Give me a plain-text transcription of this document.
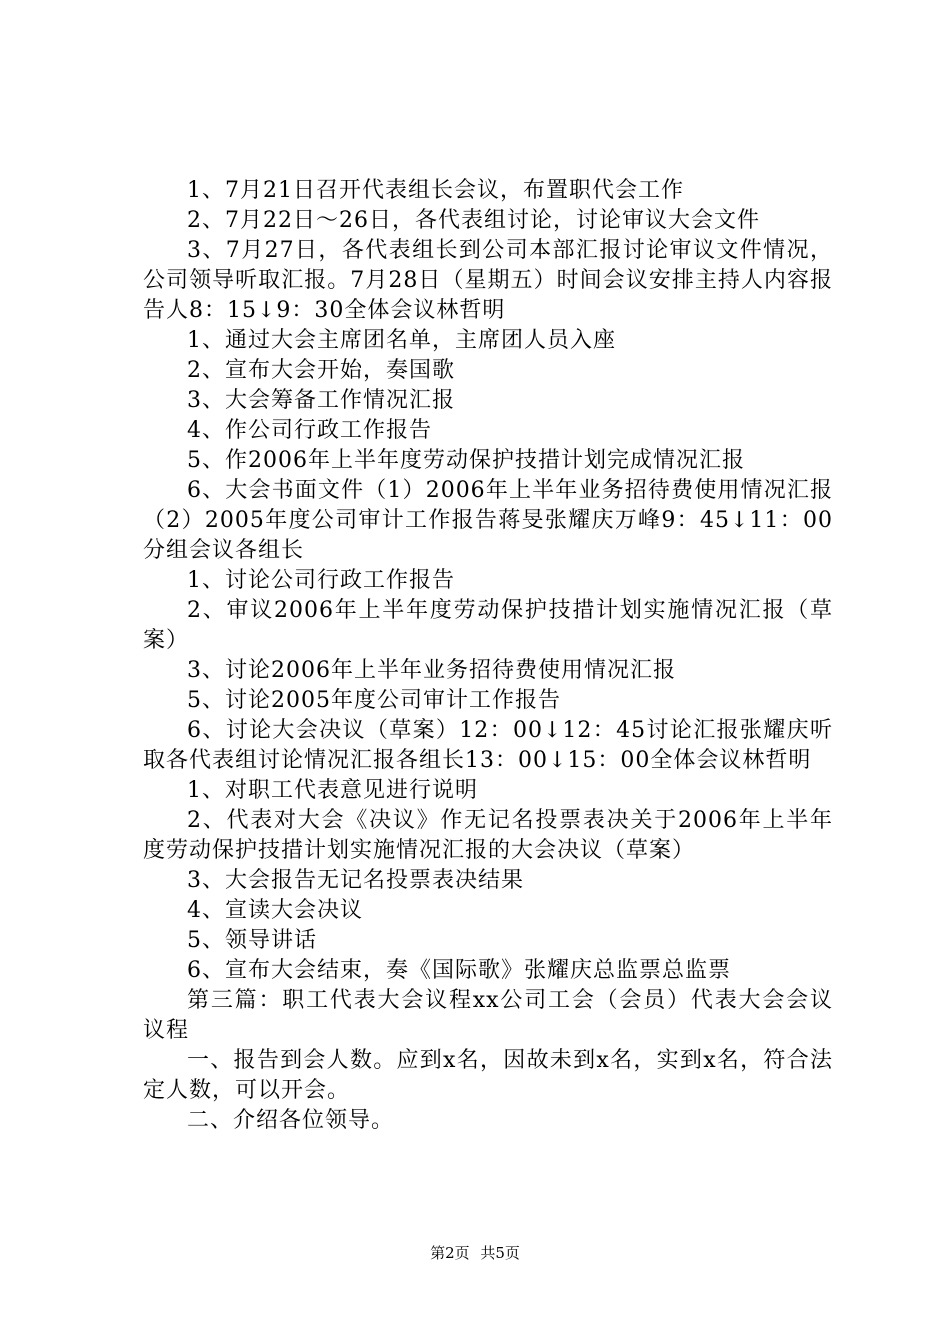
1、7月21日召开代表组长会议，布置职代会工作

2、7月22日～26日，各代表组讨论，讨论审议大会文件

3、7月27日，各代表组长到公司本部汇报讨论审议文件情况，公司领导听取汇报。7月28日（星期五）时间会议安排主持人内容报告人8：15↓9：30全体会议林哲明

1、通过大会主席团名单，主席团人员入座

2、宣布大会开始，奏国歌

3、大会筹备工作情况汇报

4、作公司行政工作报告

5、作2006年上半年度劳动保护技措计划完成情况汇报

6、大会书面文件（1）2006年上半年业务招待费使用情况汇报（2）2005年度公司审计工作报告蒋旻张耀庆万峰9：45↓11：00分组会议各组长

1、讨论公司行政工作报告

2、审议2006年上半年度劳动保护技措计划实施情况汇报（草案）

3、讨论2006年上半年业务招待费使用情况汇报

5、讨论2005年度公司审计工作报告

6、讨论大会决议（草案）12：00↓12：45讨论汇报张耀庆听取各代表组讨论情况汇报各组长13：00↓15：00全体会议林哲明

1、对职工代表意见进行说明

2、代表对大会《决议》作无记名投票表决关于2006年上半年度劳动保护技措计划实施情况汇报的大会决议（草案）

3、大会报告无记名投票表决结果

4、宣读大会决议

5、领导讲话

6、宣布大会结束，奏《国际歌》张耀庆总监票总监票

第三篇：职工代表大会议程xx公司工会（会员）代表大会会议议程

一、报告到会人数。应到x名，因故未到x名，实到x名，符合法定人数，可以开会。

二、介绍各位领导。

第2页 共5页
